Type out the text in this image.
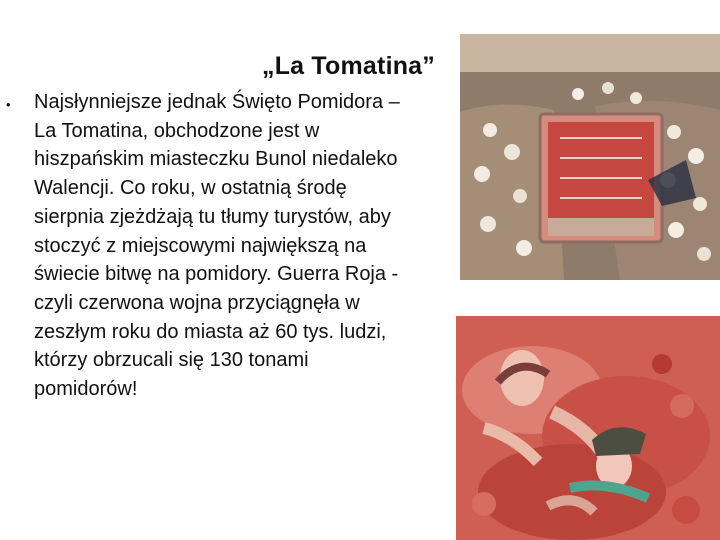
„La Tomatina”
• Najsłynniejsze jednak Święto Pomidora – La Tomatina, obchodzone jest w hiszpańskim miasteczku Bunol niedaleko Walencji. Co roku, w ostatnią środę sierpnia zjeżdżają tu tłumy turystów, aby stoczyć z miejscowymi największą na świecie bitwę na pomidory. Guerra Roja - czyli czerwona wojna przyciągnęła w zeszłym roku do miasta aż 60 tys. ludzi, którzy obrzucali się 130 tonami pomidorów!
